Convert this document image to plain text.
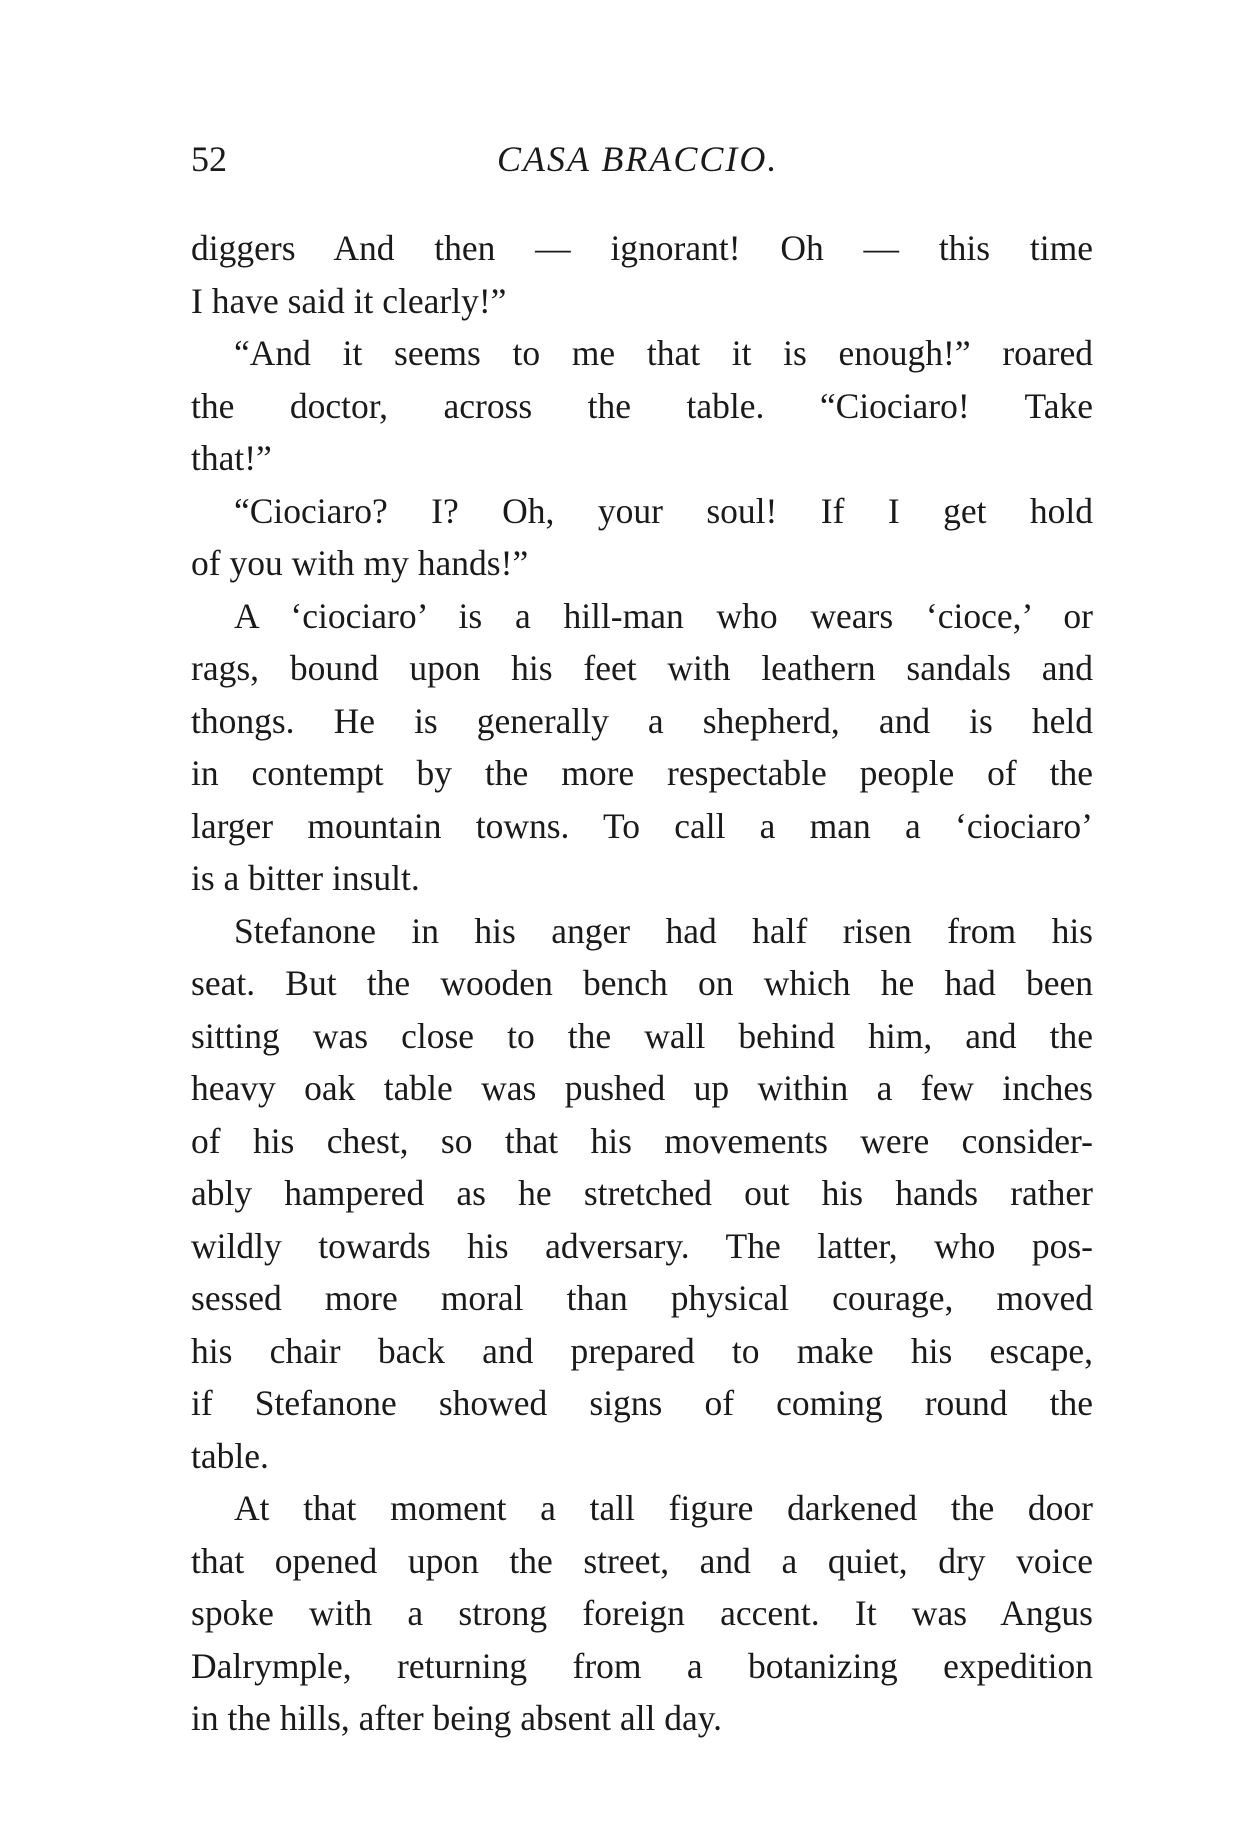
52	CASA BRACCIO.
diggers And then — ignorant! Oh — this time
I have said it clearly!”
“And it seems to me that it is enough!” roared
the doctor, across the table. “Ciociaro! Take
that!”
“Ciociaro? I? Oh, your soul! If I get hold
of you with my hands!”
A ‘ciociaro’ is a hill-man who wears ‘cioce,’ or
rags, bound upon his feet with leathern sandals and
thongs. He is generally a shepherd, and is held
in contempt by the more respectable people of the
larger mountain towns. To call a man a ‘ciociaro’
is a bitter insult.
Stefanone in his anger had half risen from his
seat. But the wooden bench on which he had been
sitting was close to the wall behind him, and the
heavy oak table was pushed up within a few inches
of his chest, so that his movements were consider-
ably hampered as he stretched out his hands rather
wildly towards his adversary. The latter, who pos-
sessed more moral than physical courage, moved
his chair back and prepared to make his escape,
if Stefanone showed signs of coming round the
table.
At that moment a tall figure darkened the door
that opened upon the street, and a quiet, dry voice
spoke with a strong foreign accent. It was Angus
Dalrymple, returning from a botanizing expedition
in the hills, after being absent all day.
